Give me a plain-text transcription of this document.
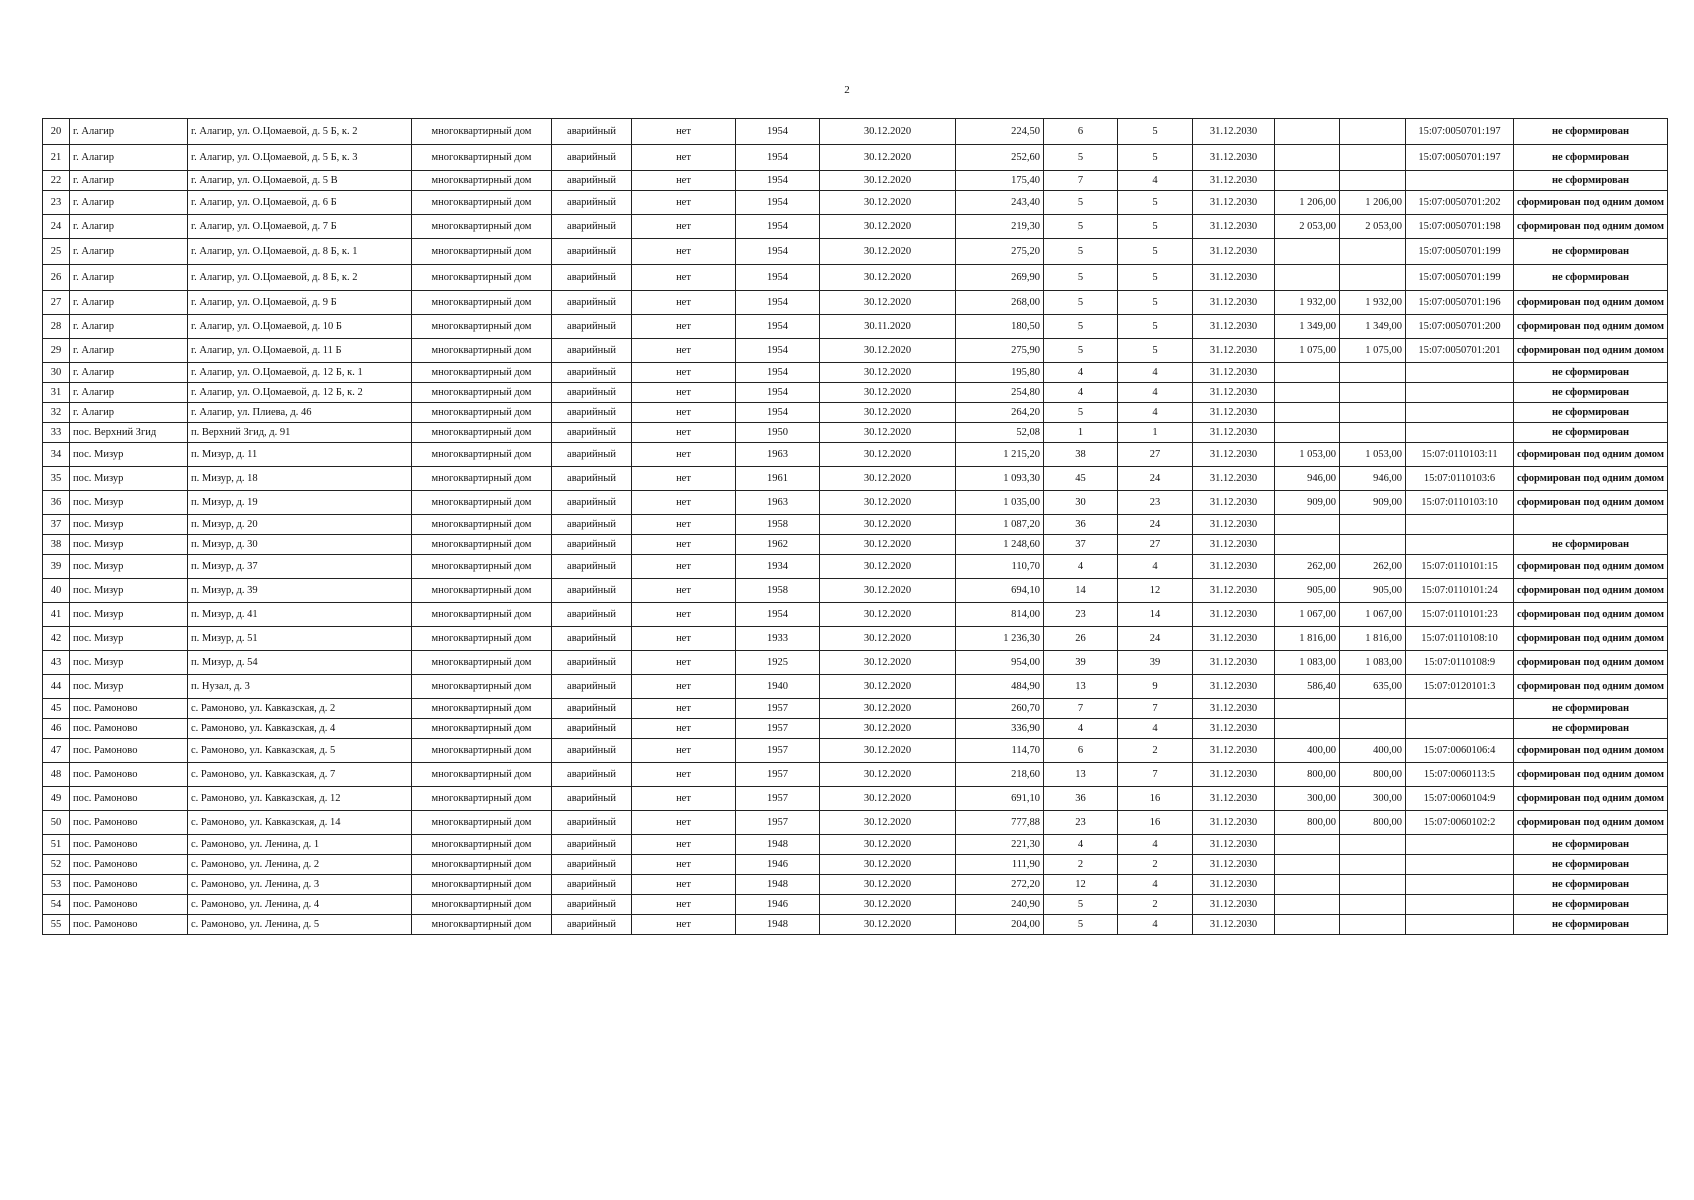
2
20	г. Алагир	г. Алагир, ул. О.Цомаевой, д. 5 Б, к. 2	многоквартирный дом	аварийный	нет	1954	30.12.2020	224,50	6	5	31.12.2030			15:07:0050701:197	не сформирован
21	г. Алагир	г. Алагир, ул. О.Цомаевой, д. 5 Б, к. 3	многоквартирный дом	аварийный	нет	1954	30.12.2020	252,60	5	5	31.12.2030			15:07:0050701:197	не сформирован
22	г. Алагир	г. Алагир, ул. О.Цомаевой, д. 5 В	многоквартирный дом	аварийный	нет	1954	30.12.2020	175,40	7	4	31.12.2030				не сформирован
23	г. Алагир	г. Алагир, ул. О.Цомаевой, д. 6 Б	многоквартирный дом	аварийный	нет	1954	30.12.2020	243,40	5	5	31.12.2030	1 206,00	1 206,00	15:07:0050701:202	сформирован под одним домом
24	г. Алагир	г. Алагир, ул. О.Цомаевой, д. 7 Б	многоквартирный дом	аварийный	нет	1954	30.12.2020	219,30	5	5	31.12.2030	2 053,00	2 053,00	15:07:0050701:198	сформирован под одним домом
25	г. Алагир	г. Алагир, ул. О.Цомаевой, д. 8 Б, к. 1	многоквартирный дом	аварийный	нет	1954	30.12.2020	275,20	5	5	31.12.2030			15:07:0050701:199	не сформирован
26	г. Алагир	г. Алагир, ул. О.Цомаевой, д. 8 Б, к. 2	многоквартирный дом	аварийный	нет	1954	30.12.2020	269,90	5	5	31.12.2030			15:07:0050701:199	не сформирован
27	г. Алагир	г. Алагир, ул. О.Цомаевой, д. 9 Б	многоквартирный дом	аварийный	нет	1954	30.12.2020	268,00	5	5	31.12.2030	1 932,00	1 932,00	15:07:0050701:196	сформирован под одним домом
28	г. Алагир	г. Алагир, ул. О.Цомаевой, д. 10 Б	многоквартирный дом	аварийный	нет	1954	30.11.2020	180,50	5	5	31.12.2030	1 349,00	1 349,00	15:07:0050701:200	сформирован под одним домом
29	г. Алагир	г. Алагир, ул. О.Цомаевой, д. 11 Б	многоквартирный дом	аварийный	нет	1954	30.12.2020	275,90	5	5	31.12.2030	1 075,00	1 075,00	15:07:0050701:201	сформирован под одним домом
30	г. Алагир	г. Алагир, ул. О.Цомаевой, д. 12 Б, к. 1	многоквартирный дом	аварийный	нет	1954	30.12.2020	195,80	4	4	31.12.2030				не сформирован
31	г. Алагир	г. Алагир, ул. О.Цомаевой, д. 12 Б, к. 2	многоквартирный дом	аварийный	нет	1954	30.12.2020	254,80	4	4	31.12.2030				не сформирован
32	г. Алагир	г. Алагир, ул. Плиева, д. 46	многоквартирный дом	аварийный	нет	1954	30.12.2020	264,20	5	4	31.12.2030				не сформирован
33	пос. Верхний Згид	п. Верхний Згид, д. 91	многоквартирный дом	аварийный	нет	1950	30.12.2020	52,08	1	1	31.12.2030				не сформирован
34	пос. Мизур	п. Мизур, д. 11	многоквартирный дом	аварийный	нет	1963	30.12.2020	1 215,20	38	27	31.12.2030	1 053,00	1 053,00	15:07:0110103:11	сформирован под одним домом
35	пос. Мизур	п. Мизур, д. 18	многоквартирный дом	аварийный	нет	1961	30.12.2020	1 093,30	45	24	31.12.2030	946,00	946,00	15:07:0110103:6	сформирован под одним домом
36	пос. Мизур	п. Мизур, д. 19	многоквартирный дом	аварийный	нет	1963	30.12.2020	1 035,00	30	23	31.12.2030	909,00	909,00	15:07:0110103:10	сформирован под одним домом
37	пос. Мизур	п. Мизур, д. 20	многоквартирный дом	аварийный	нет	1958	30.12.2020	1 087,20	36	24	31.12.2030				
38	пос. Мизур	п. Мизур, д. 30	многоквартирный дом	аварийный	нет	1962	30.12.2020	1 248,60	37	27	31.12.2030				не сформирован
39	пос. Мизур	п. Мизур, д. 37	многоквартирный дом	аварийный	нет	1934	30.12.2020	110,70	4	4	31.12.2030	262,00	262,00	15:07:0110101:15	сформирован под одним домом
40	пос. Мизур	п. Мизур, д. 39	многоквартирный дом	аварийный	нет	1958	30.12.2020	694,10	14	12	31.12.2030	905,00	905,00	15:07:0110101:24	сформирован под одним домом
41	пос. Мизур	п. Мизур, д. 41	многоквартирный дом	аварийный	нет	1954	30.12.2020	814,00	23	14	31.12.2030	1 067,00	1 067,00	15:07:0110101:23	сформирован под одним домом
42	пос. Мизур	п. Мизур, д. 51	многоквартирный дом	аварийный	нет	1933	30.12.2020	1 236,30	26	24	31.12.2030	1 816,00	1 816,00	15:07:0110108:10	сформирован под одним домом
43	пос. Мизур	п. Мизур, д. 54	многоквартирный дом	аварийный	нет	1925	30.12.2020	954,00	39	39	31.12.2030	1 083,00	1 083,00	15:07:0110108:9	сформирован под одним домом
44	пос. Мизур	п. Нузал, д. 3	многоквартирный дом	аварийный	нет	1940	30.12.2020	484,90	13	9	31.12.2030	586,40	635,00	15:07:0120101:3	сформирован под одним домом
45	пос. Рамоново	с. Рамоново, ул. Кавказская, д. 2	многоквартирный дом	аварийный	нет	1957	30.12.2020	260,70	7	7	31.12.2030				не сформирован
46	пос. Рамоново	с. Рамоново, ул. Кавказская, д. 4	многоквартирный дом	аварийный	нет	1957	30.12.2020	336,90	4	4	31.12.2030				не сформирован
47	пос. Рамоново	с. Рамоново, ул. Кавказская, д. 5	многоквартирный дом	аварийный	нет	1957	30.12.2020	114,70	6	2	31.12.2030	400,00	400,00	15:07:0060106:4	сформирован под одним домом
48	пос. Рамоново	с. Рамоново, ул. Кавказская, д. 7	многоквартирный дом	аварийный	нет	1957	30.12.2020	218,60	13	7	31.12.2030	800,00	800,00	15:07:0060113:5	сформирован под одним домом
49	пос. Рамоново	с. Рамоново, ул. Кавказская, д. 12	многоквартирный дом	аварийный	нет	1957	30.12.2020	691,10	36	16	31.12.2030	300,00	300,00	15:07:0060104:9	сформирован под одним домом
50	пос. Рамоново	с. Рамоново, ул. Кавказская, д. 14	многоквартирный дом	аварийный	нет	1957	30.12.2020	777,88	23	16	31.12.2030	800,00	800,00	15:07:0060102:2	сформирован под одним домом
51	пос. Рамоново	с. Рамоново, ул. Ленина, д. 1	многоквартирный дом	аварийный	нет	1948	30.12.2020	221,30	4	4	31.12.2030				не сформирован
52	пос. Рамоново	с. Рамоново, ул. Ленина, д. 2	многоквартирный дом	аварийный	нет	1946	30.12.2020	111,90	2	2	31.12.2030				не сформирован
53	пос. Рамоново	с. Рамоново, ул. Ленина, д. 3	многоквартирный дом	аварийный	нет	1948	30.12.2020	272,20	12	4	31.12.2030				не сформирован
54	пос. Рамоново	с. Рамоново, ул. Ленина, д. 4	многоквартирный дом	аварийный	нет	1946	30.12.2020	240,90	5	2	31.12.2030				не сформирован
55	пос. Рамоново	с. Рамоново, ул. Ленина, д. 5	многоквартирный дом	аварийный	нет	1948	30.12.2020	204,00	5	4	31.12.2030				не сформирован
